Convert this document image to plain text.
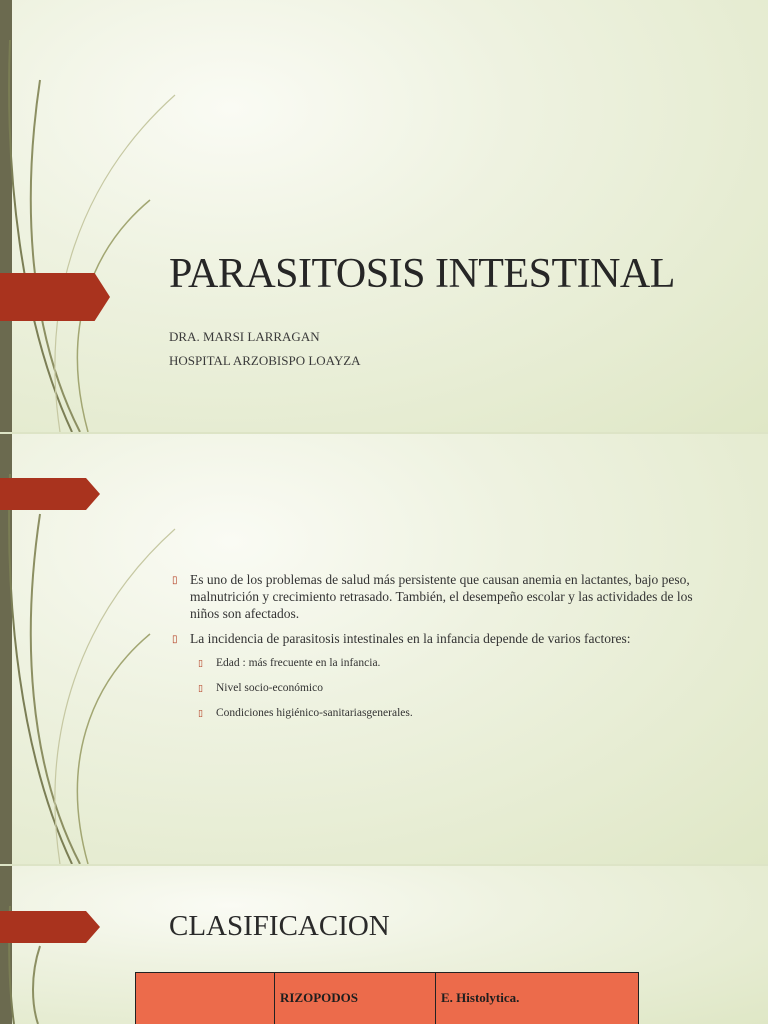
PARASITOSIS INTESTINAL
DRA. MARSI LARRAGAN
HOSPITAL ARZOBISPO LOAYZA
▯ Es uno de los problemas de salud más persistente que causan anemia en lactantes, bajo peso, malnutrición y crecimiento retrasado. También, el desempeño escolar y las actividades de los niños son afectados.
▯ La incidencia de parasitosis intestinales en la infancia depende de varios factores:
▯ Edad : más frecuente en la infancia.
▯ Nivel socio-económico
▯ Condiciones higiénico-sanitariasgenerales.
CLASIFICACION
	RIZOPODOS	E. Histolytica.
